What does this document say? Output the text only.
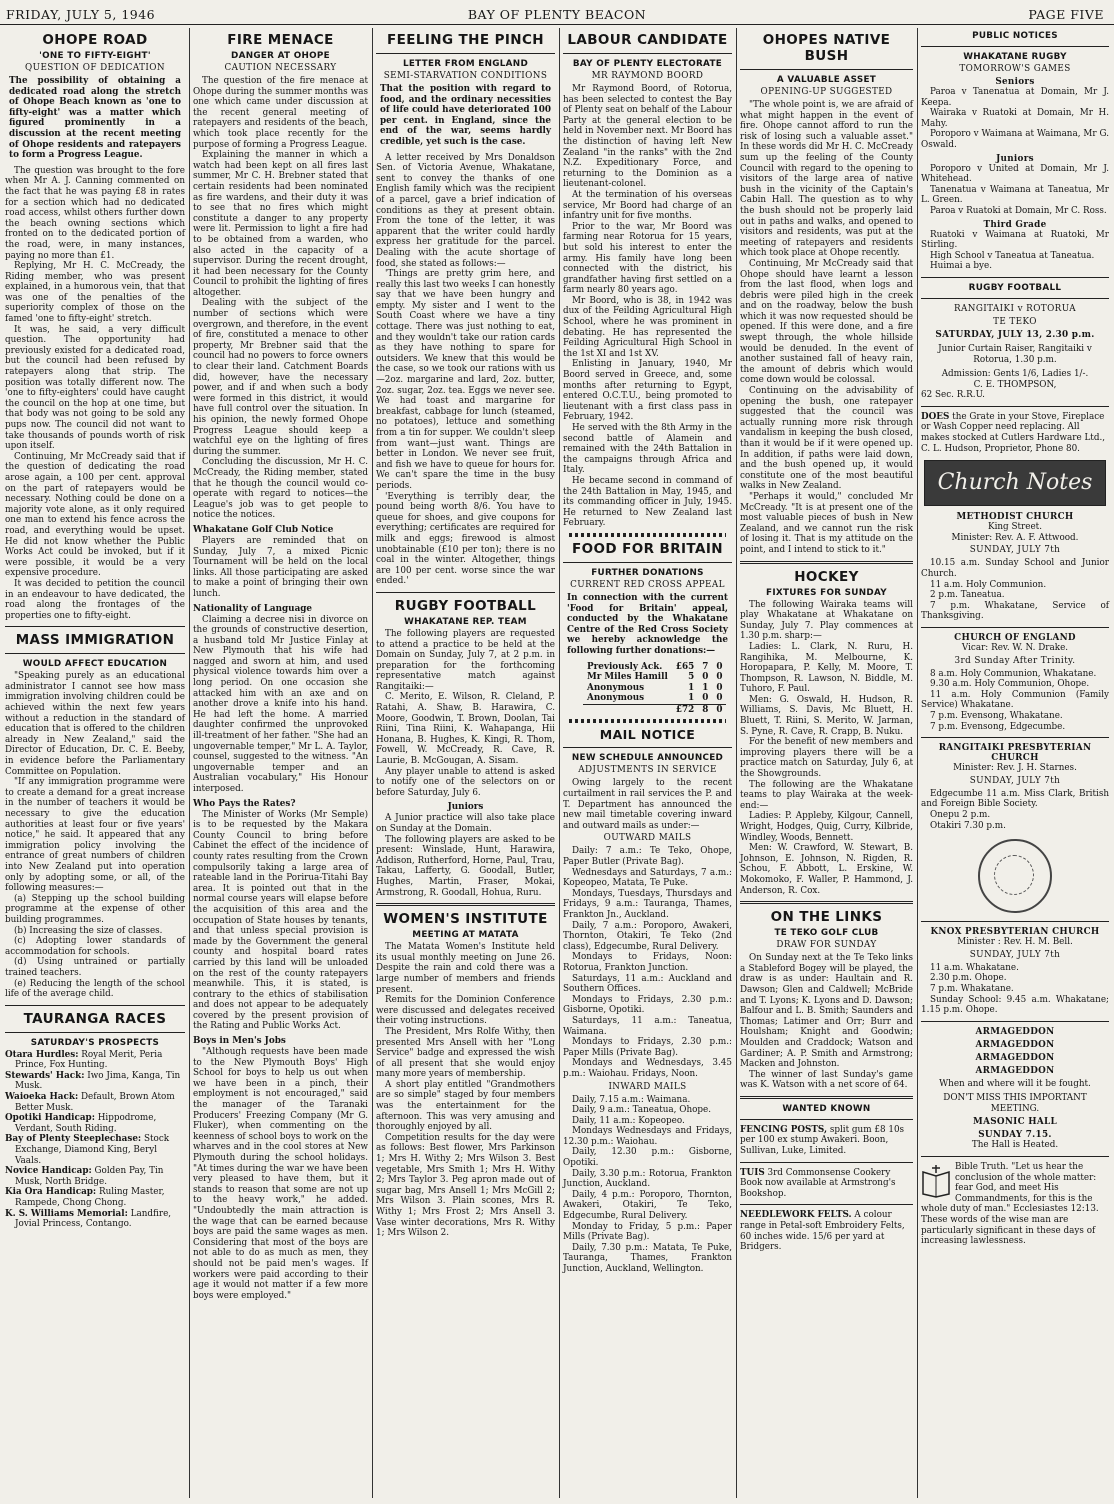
BAY OF PLENTY BEACON
FRIDAY, JULY 5, 1946	PAGE FIVE
OHOPE ROAD
'ONE TO FIFTY-EIGHT'
QUESTION OF DEDICATION
The possibility of obtaining a dedicated road along the stretch of Ohope Beach known as 'one to fifty-eight' was a matter which figured prominently in a discussion at the recent meeting of Ohope residents and ratepayers to form a Progress League.

The question was brought to the fore when Mr A. J. Canning commented on the fact that he was paying £8 in rates for a section which had no dedicated road access, whilst others further down the beach owning sections which fronted on to the dedicated portion of the road, were, in many instances, paying no more than £1.

Replying, Mr H. C. McCready, the Riding member, who was present explained, in a humorous vein, that that was one of the penalties of the superiority complex of those on the famed 'one to fifty-eight' stretch.

It was, he said, a very difficult question. The opportunity had previously existed for a dedicated road, but the council had been refused by ratepayers along that strip. The position was totally different now. The 'one to fifty-eighters' could have caught the council on the hop at one time, but that body was not going to be sold any pups now. The council did not want to take thousands of pounds worth of risk upon itself.

Continuing, Mr McCready said that if the question of dedicating the road arose again, a 100 per cent. approval on the part of ratepayers would be necessary. Nothing could be done on a majority vote alone, as it only required one man to extend his fence across the road, and everything would be upset. He did not know whether the Public Works Act could be invoked, but if it were possible, it would be a very expensive procedure.

It was decided to petition the council in an endeavour to have dedicated, the road along the frontages of the properties one to fifty-eight.

MASS IMMIGRATION
WOULD AFFECT EDUCATION

"Speaking purely as an educational administrator I cannot see how mass immigration involving children could be achieved within the next few years without a reduction in the standard of education that is offered to the children already in New Zealand," said the Director of Education, Dr. C. E. Beeby, in evidence before the Parliamentary Committee on Population.

"If any immigration programme were to create a demand for a great increase in the number of teachers it would be necessary to give the education authorities at least four or five years' notice," he said. It appeared that any immigration policy involving the entrance of great numbers of children into New Zealand put into operation only by adopting some, or all, of the following measures:—

(a) Stepping up the school building programme at the expense of other building programmes.

(b) Increasing the size of classes.

(c) Adopting lower standards of accommodation for schools.

(d) Using untrained or partially trained teachers.

(e) Reducing the length of the school life of the average child.

TAURANGA RACES
SATURDAY'S PROSPECTS
Otara Hurdles: Royal Merit, Peria Prince, Fox Hunting.
Stewards' Hack: Iwo Jima, Kanga, Tin Musk.
Waioeka Hack: Default, Brown Atom Better Musk.
Opotiki Handicap: Hippodrome, Verdant, South Riding.
Bay of Plenty Steeplechase: Stock Exchange, Diamond King, Beryl Vaals.
Novice Handicap: Golden Pay, Tin Musk, North Bridge.
Kia Ora Handicap: Ruling Master, Rampede, Chong Chong.
K. S. Williams Memorial: Landfire, Jovial Princess, Contango.
FIRE MENACE
DANGER AT OHOPE
CAUTION NECESSARY

The question of the fire menace at Ohope during the summer months was one which came under discussion at the recent general meeting of ratepayers and residents of the beach, which took place recently for the purpose of forming a Progress League.

Explaining the manner in which a watch had been kept on all fires last summer, Mr C. H. Brebner stated that certain residents had been nominated as fire wardens, and their duty it was to see that no fires which might constitute a danger to any property were lit. Permission to light a fire had to be obtained from a warden, who also acted in the capacity of a supervisor. During the recent drought, it had been necessary for the County Council to prohibit the lighting of fires altogether.

Dealing with the subject of the number of sections which were overgrown, and therefore, in the event of fire, constituted a menace to other property, Mr Brebner said that the council had no powers to force owners to clear their land. Catchment Boards did, however, have the necessary power, and if and when such a body were formed in this district, it would have full control over the situation. In his opinion, the newly formed Ohope Progress League should keep a watchful eye on the lighting of fires during the summer.

Concluding the discussion, Mr H. C. McCready, the Riding member, stated that he though the council would co-operate with regard to notices—the League's job was to get people to notice the notices.

Whakatane Golf Club Notice

Players are reminded that on Sunday, July 7, a mixed Picnic Tournament will be held on the local links. All those participating are asked to make a point of bringing their own lunch.

Nationality of Language

Claiming a decree nisi in divorce on the grounds of constructive desertion, a husband told Mr Justice Finlay at New Plymouth that his wife had nagged and sworn at him, and used physical violence towards him over a long period. On one occasion she attacked him with an axe and on another drove a knife into his hand. He had left the home. A married daughter confirmed the unprovoked ill-treatment of her father. "She had an ungovernable temper," Mr L. A. Taylor, counsel, suggested to the witness. "An ungovernable temper and an Australian vocabulary," His Honour interposed.

Who Pays the Rates?

The Minister of Works (Mr Semple) is to be requested by the Makara County Council to bring before Cabinet the effect of the incidence of county rates resulting from the Crown compulsorily taking a large area of rateable land in the Porirua-Titahi Bay area. It is pointed out that in the normal course years will elapse before the acquisition of this area and the occupation of State houses by tenants, and that unless special provision is made by the Government the general county and hospital board rates carried by this land will be unloaded on the rest of the county ratepayers meanwhile. This, it is stated, is contrary to the ethics of stabilisation and does not appear to be adequately covered by the present provision of the Rating and Public Works Act.

Boys in Men's Jobs

"Although requests have been made to the New Plymouth Boys' High School for boys to help us out when we have been in a pinch, their employment is not encouraged," said the manager of the Taranaki Producers' Freezing Company (Mr G. Fluker), when commenting on the keenness of school boys to work on the wharves and in the cool stores at New Plymouth during the school holidays. "At times during the war we have been very pleased to have them, but it stands to reason that some are not up to the heavy work," he added. "Undoubtedly the main attraction is the wage that can be earned because boys are paid the same wages as men. Considering that most of the boys are not able to do as much as men, they should not be paid men's wages. If workers were paid according to their age it would not matter if a few more boys were employed."

FEELING THE PINCH
LETTER FROM ENGLAND
SEMI-STARVATION CONDITIONS
That the position with regard to food, and the ordinary necessities of life could have deteriorated 100 per cent. in England, since the end of the war, seems hardly credible, yet such is the case.

A letter received by Mrs Donaldson Sen. of Victoria Avenue, Whakatane, sent to convey the thanks of one English family which was the recipient of a parcel, gave a brief indication of conditions as they at present obtain. From the tone of the letter, it was apparent that the writer could hardly express her gratitude for the parcel. Dealing with the acute shortage of food, she stated as follows:—

'Things are pretty grim here, and really this last two weeks I can honestly say that we have been hungry and empty. My sister and I went to the South Coast where we have a tiny cottage. There was just nothing to eat, and they wouldn't take our ration cards as they have nothing to spare for outsiders. We knew that this would be the case, so we took our rations with us—2oz. margarine and lard, 2oz. butter, 2oz. sugar, 2oz. tea. Eggs we never see. We had toast and margarine for breakfast, cabbage for lunch (steamed, no potatoes), lettuce and something from a tin for supper. We couldn't sleep from want—just want. Things are better in London. We never see fruit, and fish we have to queue for hours for. We can't spare the time in the busy periods.

'Everything is terribly dear, the pound being worth 8/6. You have to queue for shoes, and give coupons for everything; certificates are required for milk and eggs; firewood is almost unobtainable (£10 per ton); there is no coal in the winter. Altogether, things are 100 per cent. worse since the war ended.'

RUGBY FOOTBALL
WHAKATANE REP. TEAM

The following players are requested to attend a practice to be held at the Domain on Sunday, July 7, at 2 p.m. in preparation for the forthcoming representative match against Rangitaiki:—

C. Merito, E. Wilson, R. Cleland, P. Ratahi, A. Shaw, B. Harawira, C. Moore, Goodwin, T. Brown, Doolan, Tai Riini, Tina Riini, K. Wahapanga, Hii Honana, B. Hughes, K. Kingi, R. Thom, Fowell, W. McCready, R. Cave, R. Laurie, B. McGougan, A. Sisam.

Any player unable to attend is asked to notify one of the selectors on or before Saturday, July 6.

Juniors

A Junior practice will also take place on Sunday at the Domain.

The following players are asked to be present: Winslade, Hunt, Harawira, Addison, Rutherford, Horne, Paul, Trau, Takau, Lafferty, G. Goodall, Butler, Hughes, Martin, Fraser, Mokai, Armstrong, R. Goodall, Hohua, Ruru.

WOMEN'S INSTITUTE
MEETING AT MATATA

The Matata Women's Institute held its usual monthly meeting on June 26. Despite the rain and cold there was a large number of members and friends present.

Remits for the Dominion Conference were discussed and delegates received their voting instructions.

The President, Mrs Rolfe Withy, then presented Mrs Ansell with her "Long Service" badge and expressed the wish of all present that she would enjoy many more years of membership.

A short play entitled "Grandmothers are so simple" staged by four members was the entertainment for the afternoon. This was very amusing and thoroughly enjoyed by all.

Competition results for the day were as follows: Best flower, Mrs Parkinson 1; Mrs H. Withy 2; Mrs Wilson 3. Best vegetable, Mrs Smith 1; Mrs H. Withy 2; Mrs Taylor 3. Peg apron made out of sugar bag, Mrs Ansell 1; Mrs McGill 2; Mrs Wilson 3. Plain scones, Mrs R. Withy 1; Mrs Frost 2; Mrs Ansell 3. Vase winter decorations, Mrs R. Withy 1; Mrs Wilson 2.

LABOUR CANDIDATE
BAY OF PLENTY ELECTORATE
MR RAYMOND BOORD

Mr Raymond Boord, of Rotorua, has been selected to contest the Bay of Plenty seat on behalf of the Labour Party at the general election to be held in November next. Mr Boord has the distinction of having left New Zealand "in the ranks" with the 2nd N.Z. Expeditionary Force, and returning to the Dominion as a lieutenant-colonel.

At the termination of his overseas service, Mr Boord had charge of an infantry unit for five months.

Prior to the war, Mr Boord was farming near Rotorua for 15 years, but sold his interest to enter the army. His family have long been connected with the district, his grandfather having first settled on a farm nearly 80 years ago.

Mr Boord, who is 38, in 1942 was dux of the Feilding Agricultural High School, where he was prominent in debating. He has represented the Feilding Agricultural High School in the 1st XI and 1st XV.

Enlisting in January, 1940, Mr Boord served in Greece, and, some months after returning to Egypt, entered O.C.T.U., being promoted to lieutenant with a first class pass in February, 1942.

He served with the 8th Army in the second battle of Alamein and remained with the 24th Battalion in the campaigns through Africa and Italy.

He became second in command of the 24th Battalion in May, 1945, and its commanding officer in July, 1945. He returned to New Zealand last February.

FOOD FOR BRITAIN
FURTHER DONATIONS
CURRENT RED CROSS APPEAL
In connection with the current 'Food for Britain' appeal, conducted by the Whakatane Centre of the Red Cross Society we hereby acknowledge the following further donations:—
Previously Ack.	£65	7	0
Mr Miles Hamill	5	0	0
Anonymous	1	1	0
Anonymous	1	0	0
	£72	8	0
MAIL NOTICE
NEW SCHEDULE ANNOUNCED
ADJUSTMENTS IN SERVICE

Owing largely to the recent curtailment in rail services the P. and T. Department has announced the new mail timetable covering inward and outward mails as under:—

OUTWARD MAILS

Daily: 7 a.m.: Te Teko, Ohope, Paper Butler (Private Bag).

Wednesdays and Saturdays, 7 a.m.: Kopeopeo, Matata, Te Puke.

Mondays, Tuesdays, Thursdays and Fridays, 9 a.m.: Tauranga, Thames, Frankton Jn., Auckland.

Daily, 7 a.m.: Poroporo, Awakeri, Thornton, Otakiri, Te Teko (2nd class), Edgecumbe, Rural Delivery.

Mondays to Fridays, Noon: Rotorua, Frankton Junction.

Saturdays, 11 a.m.: Auckland and Southern Offices.

Mondays to Fridays, 2.30 p.m.: Gisborne, Opotiki.

Saturdays, 11 a.m.: Taneatua, Waimana.

Mondays to Fridays, 2.30 p.m.: Paper Mills (Private Bag).

Mondays and Wednesdays, 3.45 p.m.: Waiohau. Fridays, Noon.

INWARD MAILS

Daily, 7.15 a.m.: Waimana.

Daily, 9 a.m.: Taneatua, Ohope.

Daily, 11 a.m.: Kopeopeo.

Mondays Wednesdays and Fridays, 12.30 p.m.: Waiohau.

Daily, 12.30 p.m.: Gisborne, Opotiki.

Daily, 3.30 p.m.: Rotorua, Frankton Junction, Auckland.

Daily, 4 p.m.: Poroporo, Thornton, Awakeri, Otakiri, Te Teko, Edgecumbe, Rural Delivery.

Monday to Friday, 5 p.m.: Paper Mills (Private Bag).

Daily, 7.30 p.m.: Matata, Te Puke, Tauranga, Thames, Frankton Junction, Auckland, Wellington.

OHOPES NATIVE BUSH
A VALUABLE ASSET
OPENING-UP SUGGESTED

"The whole point is, we are afraid of what might happen in the event of fire. Ohope cannot afford to run the risk of losing such a valuable asset." In these words did Mr H. C. McCready sum up the feeling of the County Council with regard to the opening to visitors of the large area of native bush in the vicinity of the Captain's Cabin Hall. The question as to why the bush should not be properly laid out in paths and walks, and opened to visitors and residents, was put at the meeting of ratepayers and residents which took place at Ohope recently.

Continuing, Mr McCready said that Ohope should have learnt a lesson from the last flood, when logs and debris were piled high in the creek and on the roadway, below the bush which it was now requested should be opened. If this were done, and a fire swept through, the whole hillside would be denuded. In the event of another sustained fall of heavy rain, the amount of debris which would come down would be colossal.

Continuing on the advisability of opening the bush, one ratepayer suggested that the council was actually running more risk through vandalism in keeping the bush closed, than it would be if it were opened up. In addition, if paths were laid down, and the bush opened up, it would constitute one of the most beautiful walks in New Zealand.

"Perhaps it would," concluded Mr McCready. "It is at present one of the most valuable pieces of bush in New Zealand, and we cannot run the risk of losing it. That is my attitude on the point, and I intend to stick to it."

HOCKEY
FIXTURES FOR SUNDAY

The following Wairaka teams will play Whakatane at Whakatane on Sunday, July 7. Play commences at 1.30 p.m. sharp:—

Ladies: L. Clark, N. Ruru, H. Rangihika, M. Melbourne, K. Horopapara, P. Kelly, M. Moore, T. Thompson, R. Lawson, N. Biddle, M. Tuhoro, F. Paul.

Men: G. Oswald, H. Hudson, R. Williams, S. Davis, Mc Bluett, H. Bluett, T. Riini, S. Merito, W. Jarman, S. Pyne, R. Cave, R. Crapp, B. Nuku.

For the benefit of new members and improving players there will be a practice match on Saturday, July 6, at the Showgrounds.

The following are the Whakatane teams to play Wairaka at the week-end:—

Ladies: P. Appleby, Kilgour, Cannell, Wright, Hodges, Quig, Curry, Kilbride, Windley, Woods, Bennett.

Men: W. Crawford, W. Stewart, B. Johnson, E. Johnson, N. Rigden, R. Schou, F. Abbott, L. Erskine, W. Mokomoko, F. Waller, P. Hammond, J. Anderson, R. Cox.

ON THE LINKS
TE TEKO GOLF CLUB
DRAW FOR SUNDAY

On Sunday next at the Te Teko links a Stableford Bogey will be played, the draw is as under: Haultain and R. Dawson; Glen and Caldwell; McBride and T. Lyons; K. Lyons and D. Dawson; Balfour and L. B. Smith; Saunders and Thomas; Latimer and Orr; Burr and Houlsham; Knight and Goodwin; Moulden and Craddock; Watson and Gardiner; A. P. Smith and Armstrong; Macken and Johnston.

The winner of last Sunday's game was K. Watson with a net score of 64.

WANTED KNOWN
FENCING POSTS, split gum £8 10s per 100 ex stump Awakeri. Boon, Sullivan, Luke, Limited.
TUIS 3rd Commonsense Cookery Book now available at Armstrong's Bookshop.
NEEDLEWORK FELTS. A colour range in Petal-soft Embroidery Felts, 60 inches wide. 15/6 per yard at Bridgers.
PUBLIC NOTICES
WHAKATANE RUGBY
TOMORROW'S GAMES
Seniors

Paroa v Tanenatua at Domain, Mr J. Keepa.

Wairaka v Ruatoki at Domain, Mr H. Mahy.

Poroporo v Waimana at Waimana, Mr G. Oswald.

Juniors

Poroporo v United at Domain, Mr J. Whitehead.

Tanenatua v Waimana at Taneatua, Mr L. Green.

Paroa v Ruatoki at Domain, Mr C. Ross.

Third Grade

Ruatoki v Waimana at Ruatoki, Mr Stirling.

High School v Taneatua at Taneatua.

Huimai a bye.

RUGBY FOOTBALL
RANGITAIKI v ROTORUA
TE TEKO
SATURDAY, JULY 13, 2.30 p.m.
Junior Curtain Raiser, Rangitaiki v Rotorua, 1.30 p.m.
Admission: Gents 1/6, Ladies 1/-.
C. E. THOMPSON,
62 Sec. R.R.U.
DOES the Grate in your Stove, Fireplace or Wash Copper need replacing. All makes stocked at Cutlers Hardware Ltd., C. L. Hudson, Proprietor, Phone 80.
Church Notes
METHODIST CHURCH
King Street.
Minister: Rev. A. F. Attwood.
SUNDAY, JULY 7th

10.15 a.m. Sunday School and Junior Church.

11 a.m. Holy Communion.

2 p.m. Taneatua.

7 p.m. Whakatane, Service of Thanksgiving.

CHURCH OF ENGLAND
Vicar: Rev. W. N. Drake.
3rd Sunday After Trinity.

8 a.m. Holy Communion, Whakatane.

9.30 a.m. Holy Communion, Ohope.

11 a.m. Holy Communion (Family Service) Whakatane.

7 p.m. Evensong, Whakatane.

7 p.m. Evensong, Edgecumbe.

RANGITAIKI PRESBYTERIAN CHURCH
Minister: Rev. J. H. Starnes.
SUNDAY, JULY 7th

Edgecumbe 11 a.m. Miss Clark, British and Foreign Bible Society.

Onepu 2 p.m.

Otakiri 7.30 p.m.

KNOX PRESBYTERIAN CHURCH
Minister : Rev. H. M. Bell.
SUNDAY, JULY 7th

11 a.m. Whakatane.

2.30 p.m. Ohope.

7 p.m. Whakatane.

Sunday School: 9.45 a.m. Whakatane; 1.15 p.m. Ohope.

ARMAGEDDON
ARMAGEDDON
ARMAGEDDON
ARMAGEDDON
When and where will it be fought.
DON'T MISS THIS IMPORTANT MEETING.
MASONIC HALL
SUNDAY 7.15.
The Hall is Heated.
Bible Truth. "Let us hear the conclusion of the whole matter: fear God, and meet His Commandments, for this is the whole duty of man." Ecclesiastes 12:13. These words of the wise man are particularly significant in these days of increasing lawlessness.
